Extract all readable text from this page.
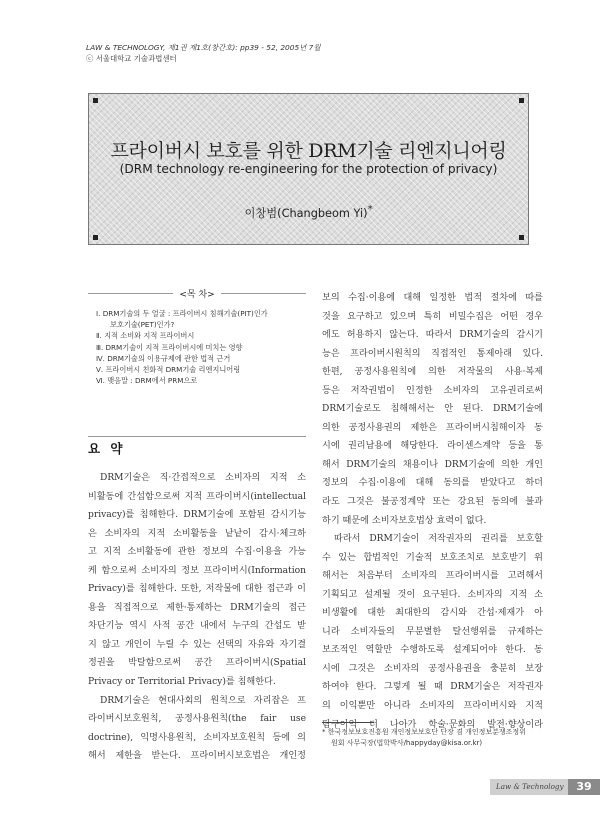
LAW & TECHNOLOGY, 제1권 제1호(창간호): pp39 - 52, 2005년 7월
ⓒ 서울대학교 기술과법센터
프라이버시 보호를 위한 DRM기술 리엔지니어링
(DRM technology re-engineering for the protection of privacy)
이창범(Changbeom Yi)*
<목 차>
Ⅰ. DRM기술의 두 얼굴 : 프라이버시 침해기술(PIT)인가
보호기술(PET)인가?
Ⅱ. 지적 소비와 지적 프라이버시
Ⅲ. DRM기술이 지적 프라이버시에 미치는 영향
Ⅳ. DRM기술의 이용규제에 관한 법적 근거
Ⅴ. 프라이버시 친화적 DRM기술 리엔지니어링
Ⅵ. 맺음말 : DRM에서 PRM으로
요 약
DRM기술은 직·간접적으로 소비자의 지적 소
비활동에 간섭함으로써 지적 프라이버시(intellectual
privacy)를 침해한다. DRM기술에 포함된 감시기능
은 소비자의 지적 소비활동을 낱낱이 감시·체크하
고 지적 소비활동에 관한 정보의 수집·이용을 가능
케 함으로써 소비자의 정보 프라이버시(Information
Privacy)를 침해한다. 또한, 저작물에 대한 접근과 이
용을 직접적으로 제한·통제하는 DRM기술의 접근
차단기능 역시 사적 공간 내에서 누구의 간섭도 받
지 않고 개인이 누릴 수 있는 선택의 자유와 자기결
정권을 박탈함으로써 공간 프라이버시(Spatial
Privacy or Territorial Privacy)를 침해한다.
DRM기술은 현대사회의 원칙으로 자리잡은 프
라이버시보호원칙, 공정사용원칙(the fair use
doctrine), 익명사용원칙, 소비자보호원칙 등에 의
해서 제한을 받는다. 프라이버시보호법은 개인정
보의 수집·이용에 대해 일정한 법적 절차에 따를
것을 요구하고 있으며 특히 비밀수집은 어떤 경우
에도 허용하지 않는다. 따라서 DRM기술의 감시기
능은 프라이버시원칙의 직접적인 통제아래 있다.
한편, 공정사용원칙에 의한 저작물의 사용·복제
등은 저작권법이 인정한 소비자의 고유권리로써
DRM기술로도 침해해서는 안 된다. DRM기술에
의한 공정사용권의 제한은 프라이버시침해이자 동
시에 권리남용에 해당한다. 라이센스계약 등을 통
해서 DRM기술의 채용이나 DRM기술에 의한 개인
정보의 수집·이용에 대해 동의를 받았다고 하더
라도 그것은 불공정계약 또는 강요된 동의에 불과
하기 때문에 소비자보호법상 효력이 없다.
따라서 DRM기술이 저작권자의 권리를 보호할
수 있는 합법적인 기술적 보호조치로 보호받기 위
해서는 처음부터 소비자의 프라이버시를 고려해서
기획되고 설계될 것이 요구된다. 소비자의 지적 소
비생활에 대한 최대한의 감시와 간섭·제재가 아
니라 소비자들의 무분별한 탈선행위를 규제하는
보조적인 역할만 수행하도록 설계되어야 한다. 동
시에 그것은 소비자의 공정사용권을 충분히 보장
하여야 한다. 그렇게 될 때 DRM기술은 저작권자
의 이익뿐만 아니라 소비자의 프라이버시와 지적
탐구이익 더 나아가 학술·문화의 발전·향상이라
* 한국정보보호진흥원 개인정보보호단 단장 겸 개인정보분쟁조정위
원회 사무국장(법학박사/happyday@kisa.or.kr)
Law & Technology	39
